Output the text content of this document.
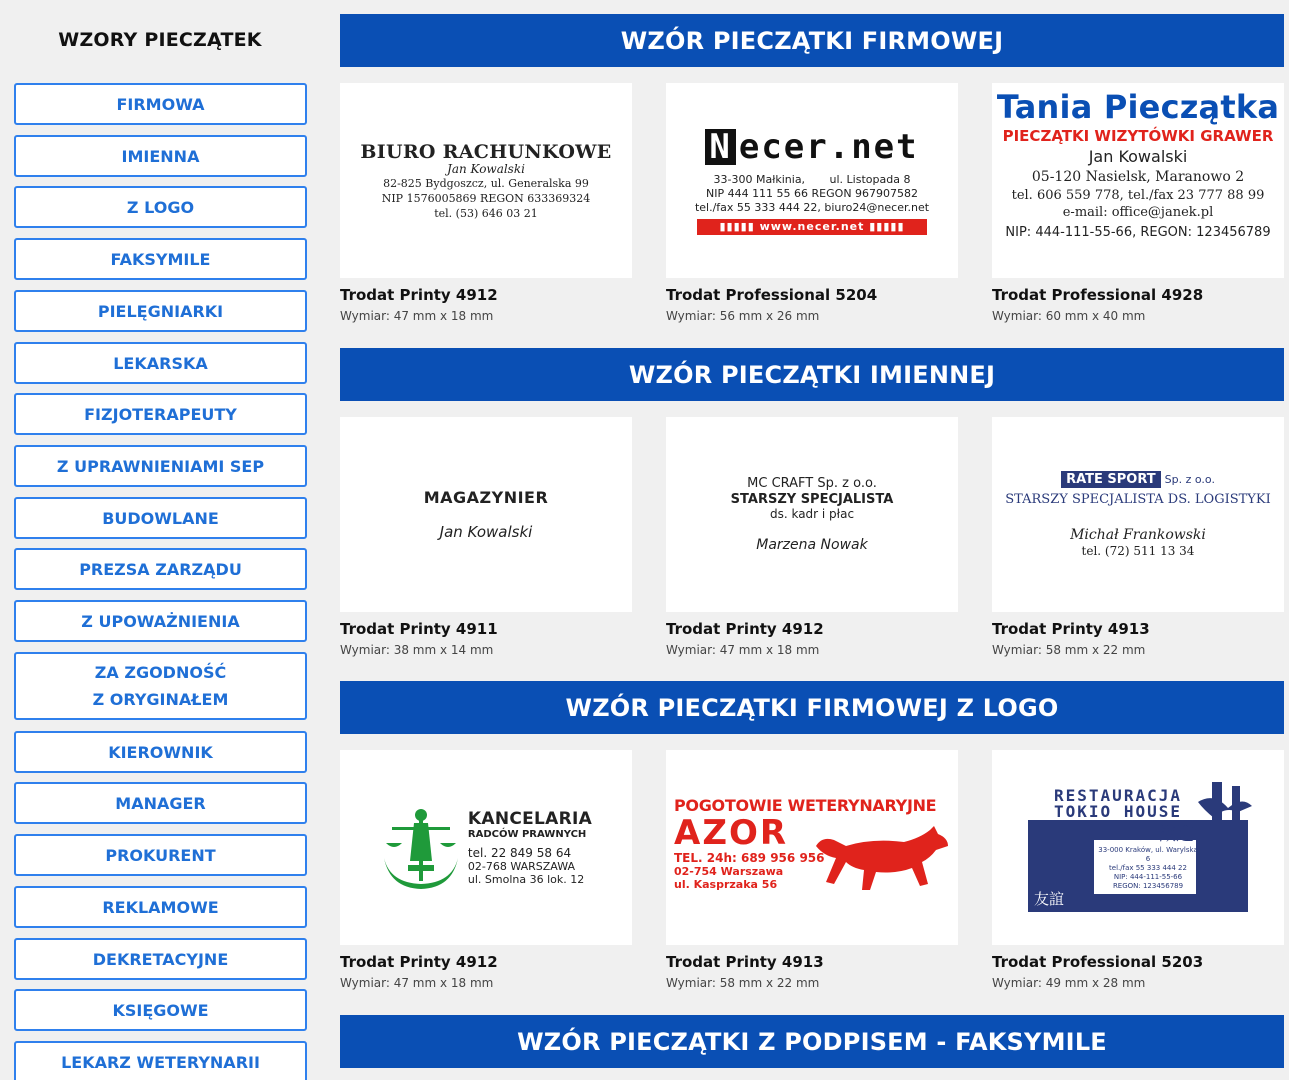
WZORY PIECZĄTEK
FIRMOWA
IMIENNA
Z LOGO
FAKSYMILE
PIELĘGNIARKI
LEKARSKA
FIZJOTERAPEUTY
Z UPRAWNIENIAMI SEP
BUDOWLANE
PREZSA ZARZĄDU
Z UPOWAŻNIENIA
ZA ZGODNOŚĆ
Z ORYGINAŁEM
KIEROWNIK
MANAGER
PROKURENT
REKLAMOWE
DEKRETACYJNE
KSIĘGOWE
LEKARZ WETERYNARII
WZÓR PIECZĄTKI FIRMOWEJ
BIURO RACHUNKOWE
Jan Kowalski
82-825 Bydgoszcz, ul. Generalska 99
NIP 1576005869 REGON 633369324
tel. (53) 646 03 21
Trodat Printy 4912
Wymiar: 47 mm x 18 mm
N ecer.net
33-300 Małkinia,       ul. Listopada 8
NIP 444 111 55 66 REGON 967907582
tel./fax 55 333 444 22, biuro24@necer.net
▮▮▮▮▮ www.necer.net ▮▮▮▮▮
Trodat Professional 5204
Wymiar: 56 mm x 26 mm
Tania Pieczątka
PIECZĄTKI WIZYTÓWKI GRAWER
Jan Kowalski
05-120 Nasielsk, Maranowo 2
tel. 606 559 778, tel./fax 23 777 88 99
e-mail: office@janek.pl
NIP: 444-111-55-66, REGON: 123456789
Trodat Professional 4928
Wymiar: 60 mm x 40 mm
WZÓR PIECZĄTKI IMIENNEJ
MAGAZYNIER
Jan Kowalski
Trodat Printy 4911
Wymiar: 38 mm x 14 mm
MC CRAFT Sp. z o.o.
STARSZY SPECJALISTA
ds. kadr i płac
Marzena Nowak
Trodat Printy 4912
Wymiar: 47 mm x 18 mm
RATE SPORT Sp. z o.o.
STARSZY SPECJALISTA DS. LOGISTYKI
Michał Frankowski
tel. (72) 511 13 34
Trodat Printy 4913
Wymiar: 58 mm x 22 mm
WZÓR PIECZĄTKI FIRMOWEJ Z LOGO
KANCELARIA
RADCÓW PRAWNYCH
tel. 22 849 58 64
02-768 WARSZAWA
ul. Smolna 36 lok. 12
Trodat Printy 4912
Wymiar: 47 mm x 18 mm
POGOTOWIE WETERYNARYJNE
AZOR
TEL. 24h: 689 956 956
02-754 Warszawa
ul. Kasprzaka 56
Trodat Printy 4913
Wymiar: 58 mm x 22 mm
RESTAURACJA
TOKIO HOUSE
歡迎
33-000 Kraków, ul. Warylska 6
tel./fax 55 333 444 22
NIP: 444-111-55-66
REGON: 123456789
友誼
Trodat Professional 5203
Wymiar: 49 mm x 28 mm
WZÓR PIECZĄTKI Z PODPISEM - FAKSYMILE
